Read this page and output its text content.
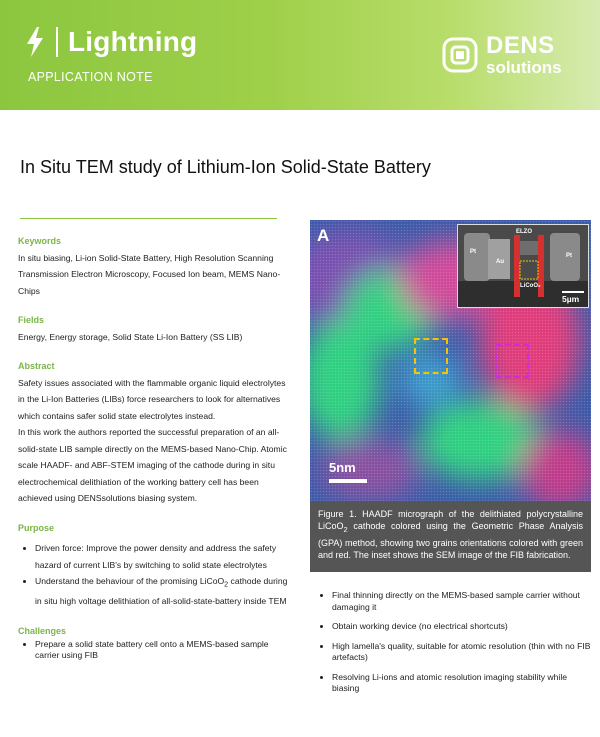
Lightning
APPLICATION NOTE
DENS
solutions
In Situ TEM study of Lithium-Ion Solid-State Battery
Keywords

In situ biasing, Li-ion Solid-State Battery, High Resolution Scanning Transmission Electron Microscopy, Focused Ion beam, MEMS Nano-Chips

Fields

Energy, Energy storage, Solid State Li-Ion Battery (SS LIB)

Abstract

Safety issues associated with the flammable organic liquid electrolytes in the Li-Ion Batteries (LIBs) force researchers to look for alternatives which contains safer solid state electrolytes instead.

In this work the authors reported the successful preparation of an all-solid-state LIB sample directly on the MEMS-based Nano-Chip. Atomic scale HAADF- and ABF-STEM imaging of the cathode during in situ electrochemical delithiation of the working battery cell has been achieved using DENSsolutions biasing system.

Purpose
• Driven force: Improve the power density and address the safety hazard of current LIB's by switching to solid state electrolytes
• Understand the behaviour of the promising LiCoO$_2$ cathode during in situ high voltage delithiation of all-solid-state-battery inside TEM
Challenges
• Prepare a solid state battery cell onto a MEMS-based sample carrier using FIB
A
5nm
ELZO
Pt
Au
Pt
LiCoO₂
5µm
Figure 1. HAADF micrograph of the delithiated polycrystalline LiCoO$_2$ cathode colored using the Geometric Phase Analysis (GPA) method, showing two grains orientations colored with green and red. The inset shows the SEM image of the FIB fabrication.
• Final thinning directly on the MEMS-based sample carrier without damaging it
• Obtain working device (no electrical shortcuts)
• High lamella's quality, suitable for atomic resolution (thin with no FIB artefacts)
• Resolving Li-ions and atomic resolution imaging stability while biasing
